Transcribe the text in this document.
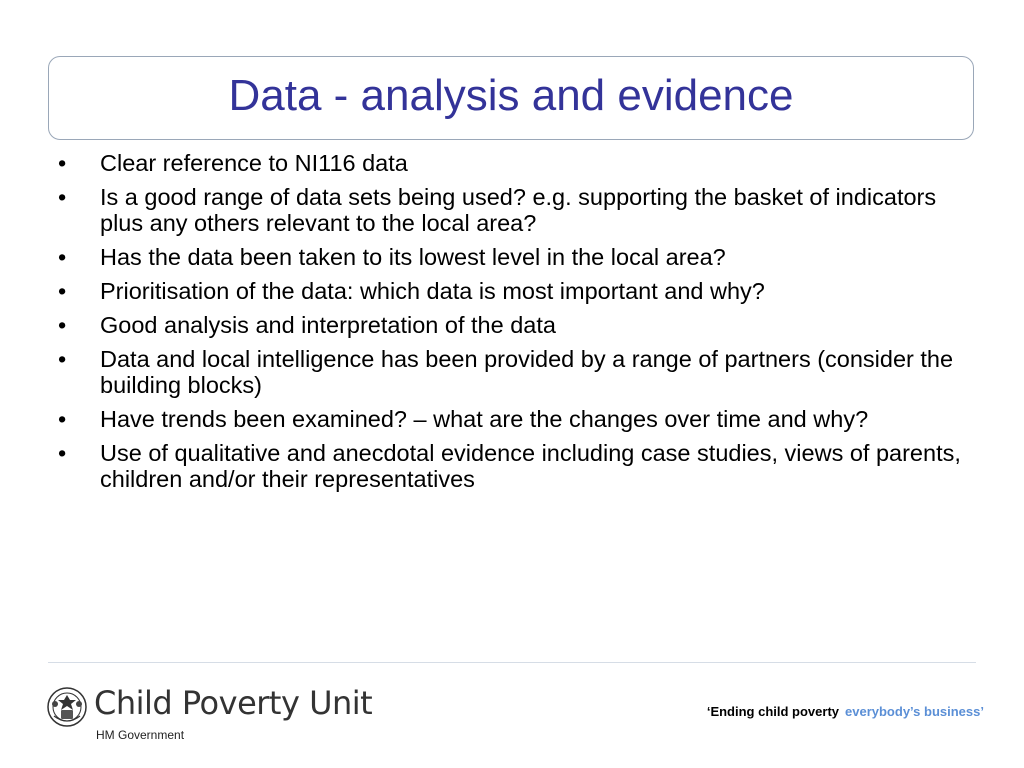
Data - analysis and evidence
•	Clear reference to NI116 data
•	Is a good range of data sets being used? e.g. supporting the basket of indicators plus any others relevant to the local area?
•	Has the data been taken to its lowest level in the local area?
•	Prioritisation of the data: which data is most important and why?
•	Good analysis and interpretation of the data
•	Data and local intelligence has been provided by a range of partners (consider the building blocks)
•	Have trends been examined? – what are the changes over time and why?
•	Use of qualitative and anecdotal evidence including case studies, views of parents, children and/or their representatives
Child Poverty Unit
HM Government
‘Ending child poverty everybody’s business’
